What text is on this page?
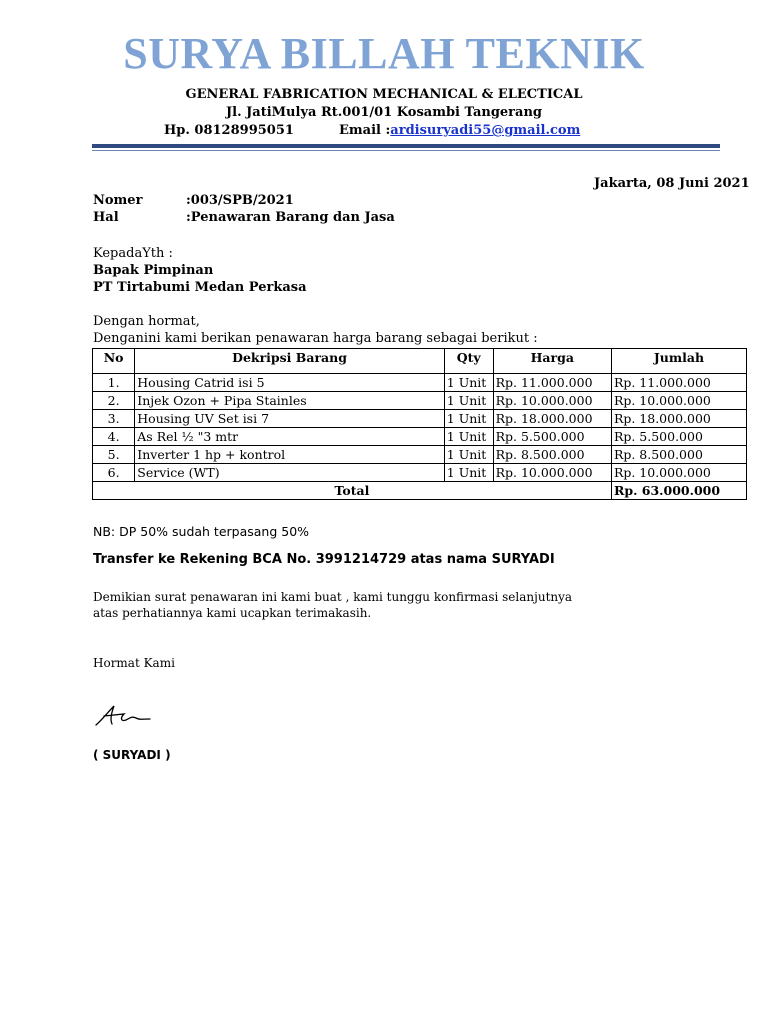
SURYA BILLAH TEKNIK
GENERAL FABRICATION MECHANICAL & ELECTICAL
Jl. JatiMulya Rt.001/01 Kosambi Tangerang
Hp. 08128995051	Email :ardisuryadi55@gmail.com
Jakarta, 08 Juni 2021
Nomer	:003/SPB/2021
Hal	:Penawaran Barang dan Jasa
KepadaYth :
Bapak Pimpinan
PT Tirtabumi Medan Perkasa
Dengan hormat,
Denganini kami berikan penawaran harga barang sebagai berikut :
No	Dekripsi Barang	Qty	Harga	Jumlah
1.	Housing Catrid isi 5	1 Unit	Rp. 11.000.000	Rp. 11.000.000
2.	Injek Ozon + Pipa Stainles	1 Unit	Rp. 10.000.000	Rp. 10.000.000
3.	Housing UV Set isi 7	1 Unit	Rp. 18.000.000	Rp. 18.000.000
4.	As Rel ½ "3 mtr	1 Unit	Rp. 5.500.000	Rp. 5.500.000
5.	Inverter 1 hp + kontrol	1 Unit	Rp. 8.500.000	Rp. 8.500.000
6.	Service (WT)	1 Unit	Rp. 10.000.000	Rp. 10.000.000
Total				Rp. 63.000.000
NB: DP 50% sudah terpasang 50%
Transfer ke Rekening BCA No. 3991214729 atas nama SURYADI
Demikian surat penawaran ini kami buat , kami tunggu konfirmasi selanjutnya
atas perhatiannya kami ucapkan terimakasih.
Hormat Kami
( SURYADI )
